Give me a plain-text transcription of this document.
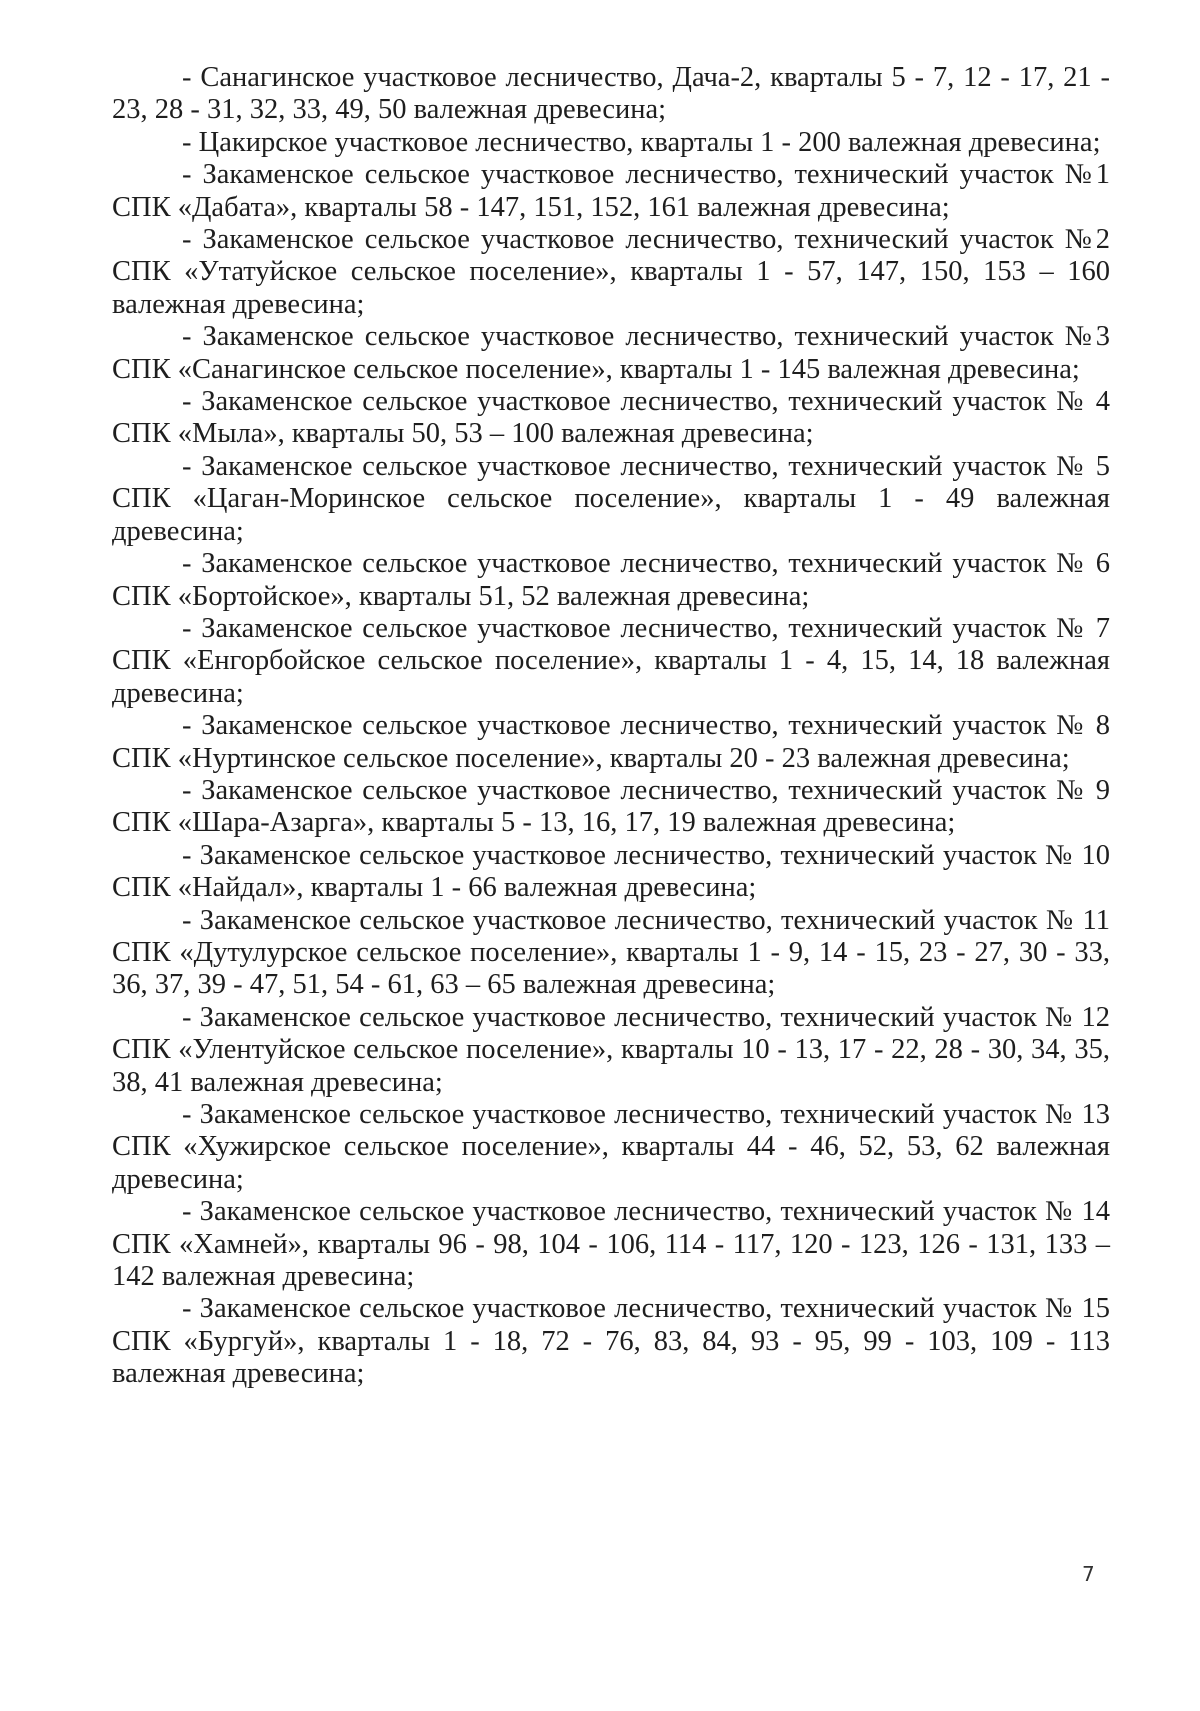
- Санагинское участковое лесничество, Дача-2, кварталы 5 - 7, 12 - 17, 21 - 23, 28 - 31, 32, 33, 49, 50 валежная древесина;

- Цакирское участковое лесничество, кварталы 1 - 200 валежная древесина;

- Закаменское сельское участковое лесничество, технический участок №1 СПК «Дабата», кварталы 58 - 147, 151, 152, 161 валежная древесина;

- Закаменское сельское участковое лесничество, технический участок №2 СПК «Утатуйское сельское поселение», кварталы 1 - 57, 147, 150, 153 – 160 валежная древесина;

- Закаменское сельское участковое лесничество, технический участок №3 СПК «Санагинское сельское поселение», кварталы 1 - 145 валежная древесина;

- Закаменское сельское участковое лесничество, технический участок № 4 СПК «Мыла», кварталы 50, 53 – 100 валежная древесина;

- Закаменское сельское участковое лесничество, технический участок № 5 СПК «Цаган-Моринское сельское поселение», кварталы 1 - 49 валежная древесина;

- Закаменское сельское участковое лесничество, технический участок № 6 СПК «Бортойское», кварталы 51, 52 валежная древесина;

- Закаменское сельское участковое лесничество, технический участок № 7 СПК «Енгорбойское сельское поселение», кварталы 1 - 4, 15, 14, 18 валежная древесина;

- Закаменское сельское участковое лесничество, технический участок № 8 СПК «Нуртинское сельское поселение», кварталы 20 - 23 валежная древесина;

- Закаменское сельское участковое лесничество, технический участок № 9 СПК «Шара-Азарга», кварталы 5 - 13, 16, 17, 19 валежная древесина;

- Закаменское сельское участковое лесничество, технический участок № 10 СПК «Найдал», кварталы 1 - 66 валежная древесина;

- Закаменское сельское участковое лесничество, технический участок № 11 СПК «Дутулурское сельское поселение», кварталы 1 - 9, 14 - 15, 23 - 27, 30 - 33, 36, 37, 39 - 47, 51, 54 - 61, 63 – 65 валежная древесина;

- Закаменское сельское участковое лесничество, технический участок № 12 СПК «Улентуйское сельское поселение», кварталы 10 - 13, 17 - 22, 28 - 30, 34, 35, 38, 41 валежная древесина;

- Закаменское сельское участковое лесничество, технический участок № 13 СПК «Хужирское сельское поселение», кварталы 44 - 46, 52, 53, 62 валежная древесина;

- Закаменское сельское участковое лесничество, технический участок № 14 СПК «Хамней», кварталы 96 - 98, 104 - 106, 114 - 117, 120 - 123, 126 - 131, 133 – 142 валежная древесина;

- Закаменское сельское участковое лесничество, технический участок № 15 СПК «Бургуй», кварталы 1 - 18, 72 - 76, 83, 84, 93 - 95, 99 - 103, 109 - 113 валежная древесина;

7
